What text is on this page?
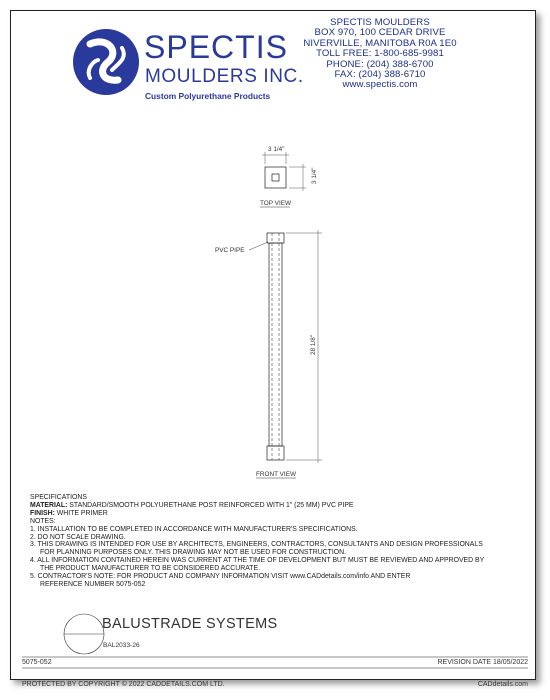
SPECTIS
MOULDERS INC.
Custom Polyurethane Products
SPECTIS MOULDERS
BOX 970, 100 CEDAR DRIVE
NIVERVILLE, MANITOBA R0A 1E0
TOLL FREE: 1-800-685-9981
PHONE: (204) 388-6700
FAX: (204) 388-6710
www.spectis.com
3 1/4"
3 1/4"
TOP VIEW
PVC PIPE
28 1/8"
FRONT VIEW
SPECIFICATIONS
MATERIAL: STANDARD/SMOOTH POLYURETHANE POST REINFORCED WITH 1" (25 MM) PVC PIPE
FINISH: WHITE PRIMER
NOTES:
1. INSTALLATION TO BE COMPLETED IN ACCORDANCE WITH MANUFACTURER'S SPECIFICATIONS.
2. DO NOT SCALE DRAWING.
3. THIS DRAWING IS INTENDED FOR USE BY ARCHITECTS, ENGINEERS, CONTRACTORS, CONSULTANTS AND DESIGN PROFESSIONALS
FOR PLANNING PURPOSES ONLY. THIS DRAWING MAY NOT BE USED FOR CONSTRUCTION.
4. ALL INFORMATION CONTAINED HEREIN WAS CURRENT AT THE TIME OF DEVELOPMENT BUT MUST BE REVIEWED AND APPROVED BY
THE PRODUCT MANUFACTURER TO BE CONSIDERED ACCURATE.
5. CONTRACTOR'S NOTE: FOR PRODUCT AND COMPANY INFORMATION VISIT www.CADdetails.com/info AND ENTER
REFERENCE NUMBER 5075-052
BALUSTRADE SYSTEMS
BAL2033-26
5075-052	REVISION DATE 18/05/2022
PROTECTED BY COPYRIGHT © 2022 CADDETAILS.COM LTD.	CADdetails.com
